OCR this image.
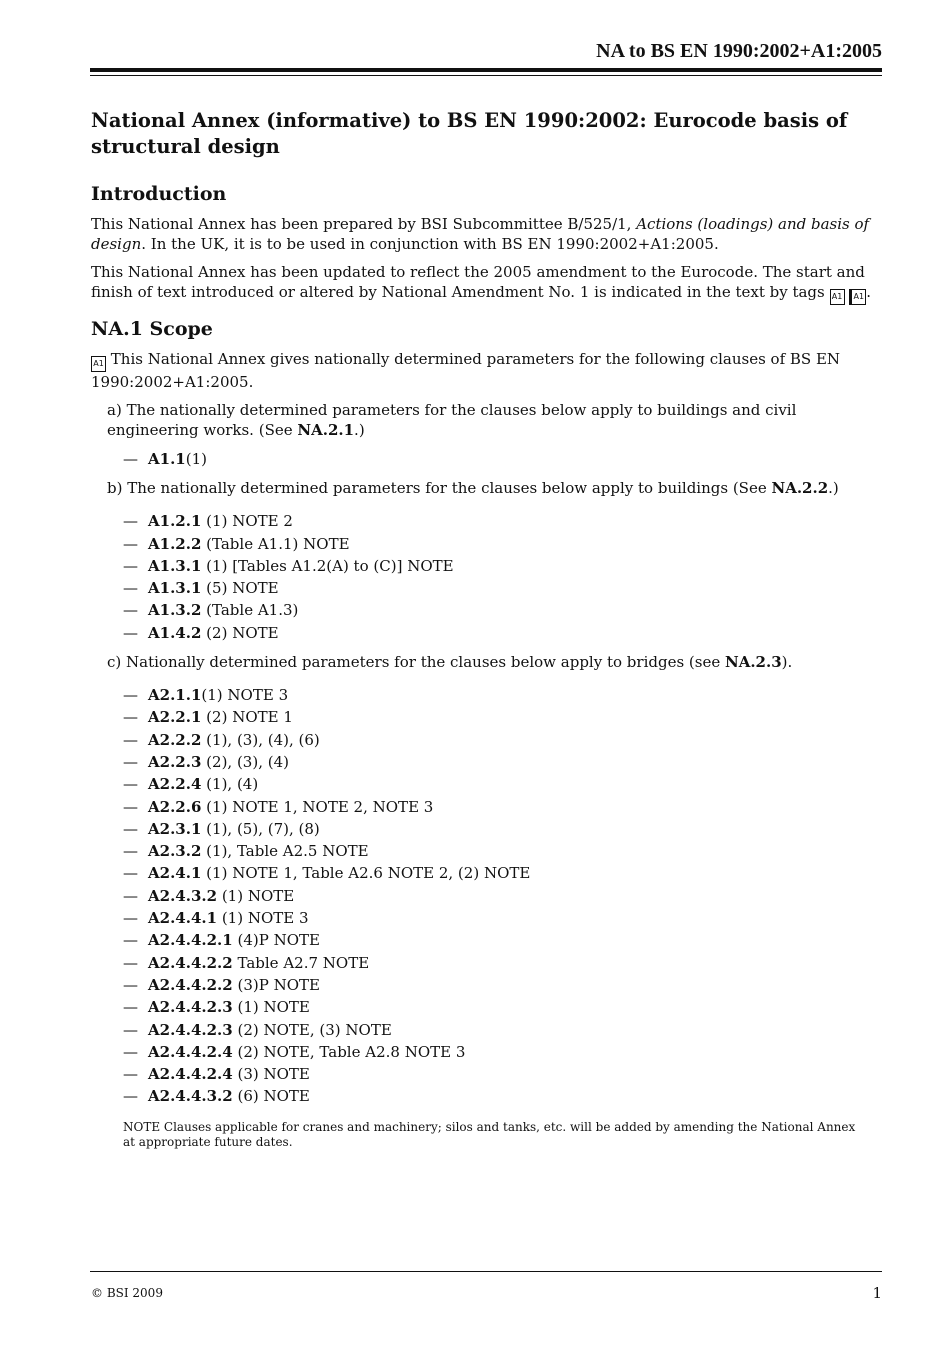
NA to BS EN 1990:2002+A1:2005
National Annex (informative) to BS EN 1990:2002: Eurocode basis of structural design
Introduction

This National Annex has been prepared by BSI Subcommittee B/525/1, Actions (loadings) and basis of design. In the UK, it is to be used in conjunction with BS EN 1990:2002+A1:2005.

This National Annex has been updated to reflect the 2005 amendment to the Eurocode. The start and finish of text introduced or altered by National Amendment No. 1 is indicated in the text by tags A1 A1 .

NA.1 Scope

A1 This National Annex gives nationally determined parameters for the following clauses of BS EN 1990:2002+A1:2005.

a) The nationally determined parameters for the clauses below apply to buildings and civil engineering works. (See NA.2.1.)

— A1.1(1)

b) The nationally determined parameters for the clauses below apply to buildings (See NA.2.2.)

— A1.2.1 (1) NOTE 2
— A1.2.2 (Table A1.1) NOTE
— A1.3.1 (1) [Tables A1.2(A) to (C)] NOTE
— A1.3.1 (5) NOTE
— A1.3.2 (Table A1.3)
— A1.4.2 (2) NOTE

c) Nationally determined parameters for the clauses below apply to bridges (see NA.2.3).

— A2.1.1(1) NOTE 3
— A2.2.1 (2) NOTE 1
— A2.2.2 (1), (3), (4), (6)
— A2.2.3 (2), (3), (4)
— A2.2.4 (1), (4)
— A2.2.6 (1) NOTE 1, NOTE 2, NOTE 3
— A2.3.1 (1), (5), (7), (8)
— A2.3.2 (1), Table A2.5 NOTE
— A2.4.1 (1) NOTE 1, Table A2.6 NOTE 2, (2) NOTE
— A2.4.3.2 (1) NOTE
— A2.4.4.1 (1) NOTE 3
— A2.4.4.2.1 (4)P NOTE
— A2.4.4.2.2 Table A2.7 NOTE
— A2.4.4.2.2 (3)P NOTE
— A2.4.4.2.3 (1) NOTE
— A2.4.4.2.3 (2) NOTE, (3) NOTE
— A2.4.4.2.4 (2) NOTE, Table A2.8 NOTE 3
— A2.4.4.2.4 (3) NOTE
— A2.4.4.3.2 (6) NOTE

NOTE Clauses applicable for cranes and machinery; silos and tanks, etc. will be added by amending the National Annex at appropriate future dates.

© BSI 2009	1
